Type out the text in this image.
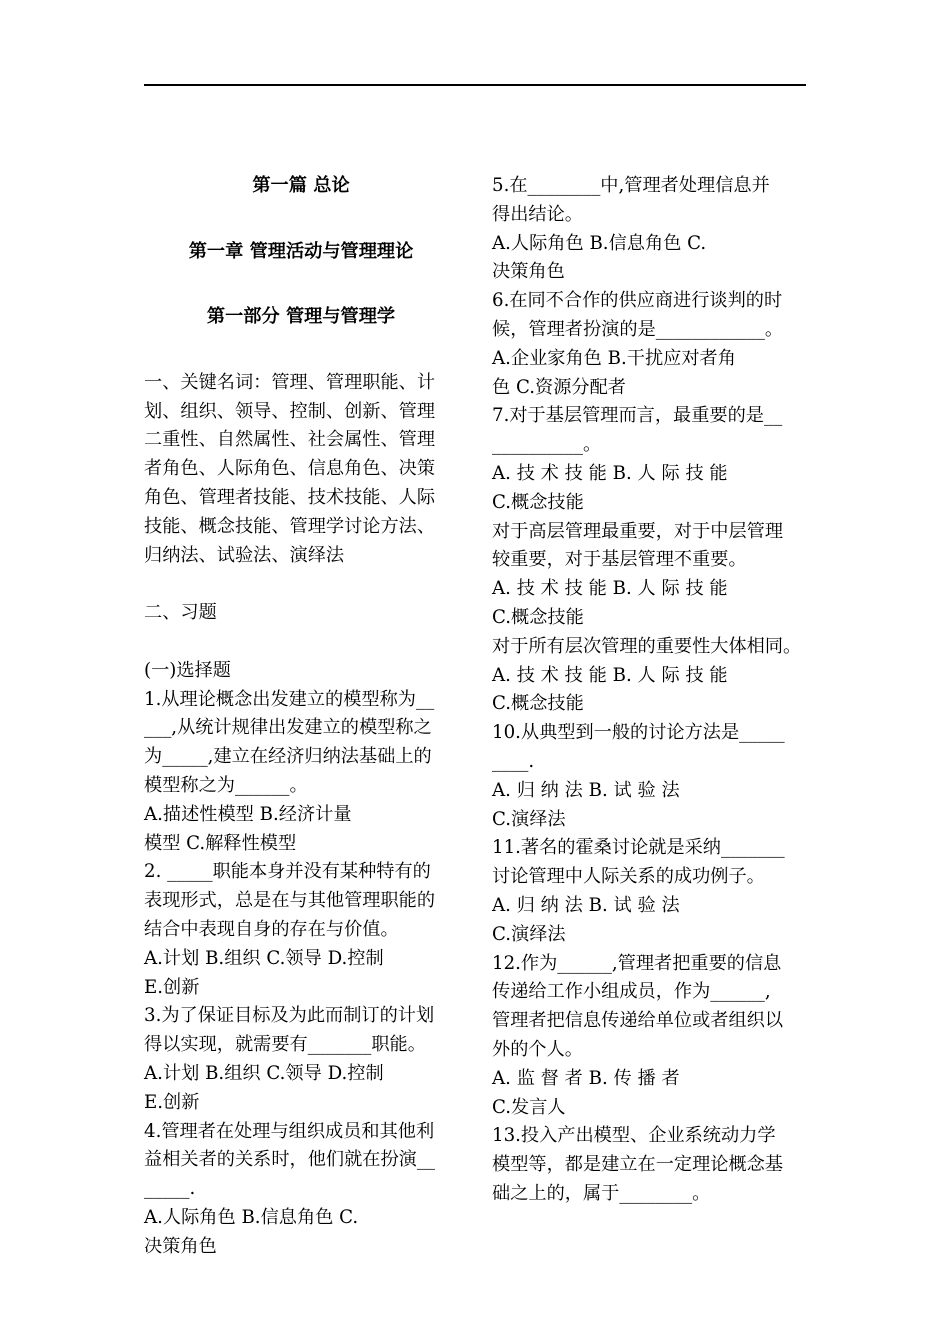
第一篇 总论
第一章 管理活动与管理理论
第一部分 管理与管理学
一、关键名词：管理、管理职能、计
划、组织、领导、控制、创新、管理
二重性、自然属性、社会属性、管理
者角色、人际角色、信息角色、决策
角色、管理者技能、技术技能、人际
技能、概念技能、管理学讨论方法、
归纳法、试验法、演绎法
二、习题
(一)选择题
1.从理论概念出发建立的模型称为__
___,从统计规律出发建立的模型称之
为_____,建立在经济归纳法基础上的
模型称之为______。
A.描述性模型 B.经济计量
模型 C.解释性模型
2. _____职能本身并没有某种特有的
表现形式，总是在与其他管理职能的
结合中表现自身的存在与价值。
A.计划 B.组织 C.领导 D.控制
E.创新
3.为了保证目标及为此而制订的计划
得以实现，就需要有_______职能。
A.计划 B.组织 C.领导 D.控制
E.创新
4.管理者在处理与组织成员和其他利
益相关者的关系时，他们就在扮演__
_____.
A.人际角色 B.信息角色 C.
决策角色
5.在________中,管理者处理信息并
得出结论。
A.人际角色 B.信息角色 C.
决策角色
6.在同不合作的供应商进行谈判的时
候，管理者扮演的是____________。
A.企业家角色 B.干扰应对者角
色 C.资源分配者
7.对于基层管理而言，最重要的是__
__________。
A. 技 术 技 能 B. 人 际 技 能
C.概念技能
对于高层管理最重要，对于中层管理
较重要，对于基层管理不重要。
A. 技 术 技 能 B. 人 际 技 能
C.概念技能
对于所有层次管理的重要性大体相同。
A. 技 术 技 能 B. 人 际 技 能
C.概念技能
10.从典型到一般的讨论方法是_____
____.
A. 归 纳 法 B. 试 验 法
C.演绎法
11.著名的霍桑讨论就是采纳_______
讨论管理中人际关系的成功例子。
A. 归 纳 法 B. 试 验 法
C.演绎法
12.作为______,管理者把重要的信息
传递给工作小组成员，作为______,
管理者把信息传递给单位或者组织以
外的个人。
A. 监 督 者 B. 传 播 者
C.发言人
13.投入产出模型、企业系统动力学
模型等，都是建立在一定理论概念基
础之上的，属于________。
